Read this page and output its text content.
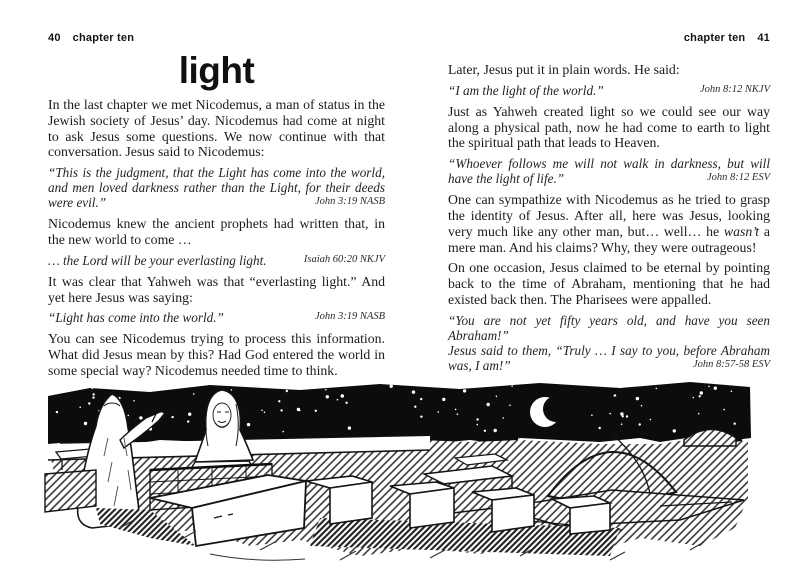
40 chapter ten
light

In the last chapter we met Nicodemus, a man of status in the Jewish society of Jesus’ day. Nicodemus had come at night to ask Jesus some questions. We now continue with that conversation. Jesus said to Nicodemus:

“This is the judgment, that the Light has come into the world, and men loved darkness rather than the Light, for their deeds were evil.”	John 3:19 NASB

Nicodemus knew the ancient prophets had written that, in the new world to come …

… the Lord will be your everlasting light.	Isaiah 60:20 NKJV

It was clear that Yahweh was that “everlasting light.” And yet here Jesus was saying:

“Light has come into the world.”	John 3:19 NASB

You can see Nicodemus trying to process this information. What did Jesus mean by this? Had God entered the world in some special way? Nicodemus needed time to think.

chapter ten 41

Later, Jesus put it in plain words. He said:

“I am the light of the world.”	John 8:12 NKJV

Just as Yahweh created light so we could see our way along a physical path, now he had come to earth to light the spiritual path that leads to Heaven.

“Whoever follows me will not walk in darkness, but will have the light of life.”	John 8:12 ESV

One can sympathize with Nicodemus as he tried to grasp the identity of Jesus. After all, here was Jesus, looking very much like any other man, but… well… he wasn’t a mere man. And his claims? Why, they were outrageous!

On one occasion, Jesus claimed to be eternal by pointing back to the time of Abraham, mentioning that he had existed back then. The Pharisees were appalled.

“You are not yet fifty years old, and have you seen Abraham!”
Jesus said to them, “Truly … I say to you, before Abraham was, I am!”	John 8:57-58 ESV
